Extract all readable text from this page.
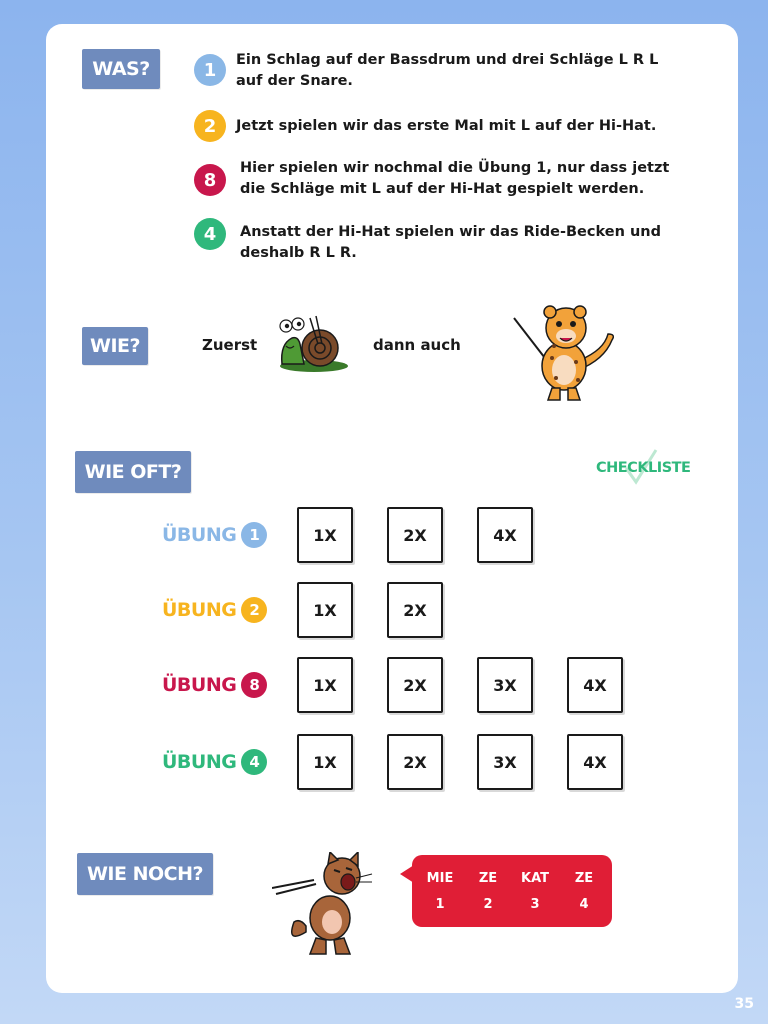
WAS?	1	Ein Schlag auf der Bassdrum und drei Schläge L R L
auf der Snare.
2	Jetzt spielen wir das erste Mal mit L auf der Hi-Hat.
8
Hier spielen wir nochmal die Übung 1, nur dass jetzt
die Schläge mit L auf der Hi-Hat gespielt werden.
4	Anstatt der Hi-Hat spielen wir das Ride-Becken und
deshalb R L R.
WIE?	Zuerst	dann auch
WIE OFT?	CHECKLISTE
ÜBUNG 1	1X	2X	4X
ÜBUNG 2	1X	2X
ÜBUNG 8	1X	2X	3X	4X
ÜBUNG 4	1X	2X	3X	4X
WIE NOCH?	MIE	ZE	KAT	ZE
1	2	3	4
35
